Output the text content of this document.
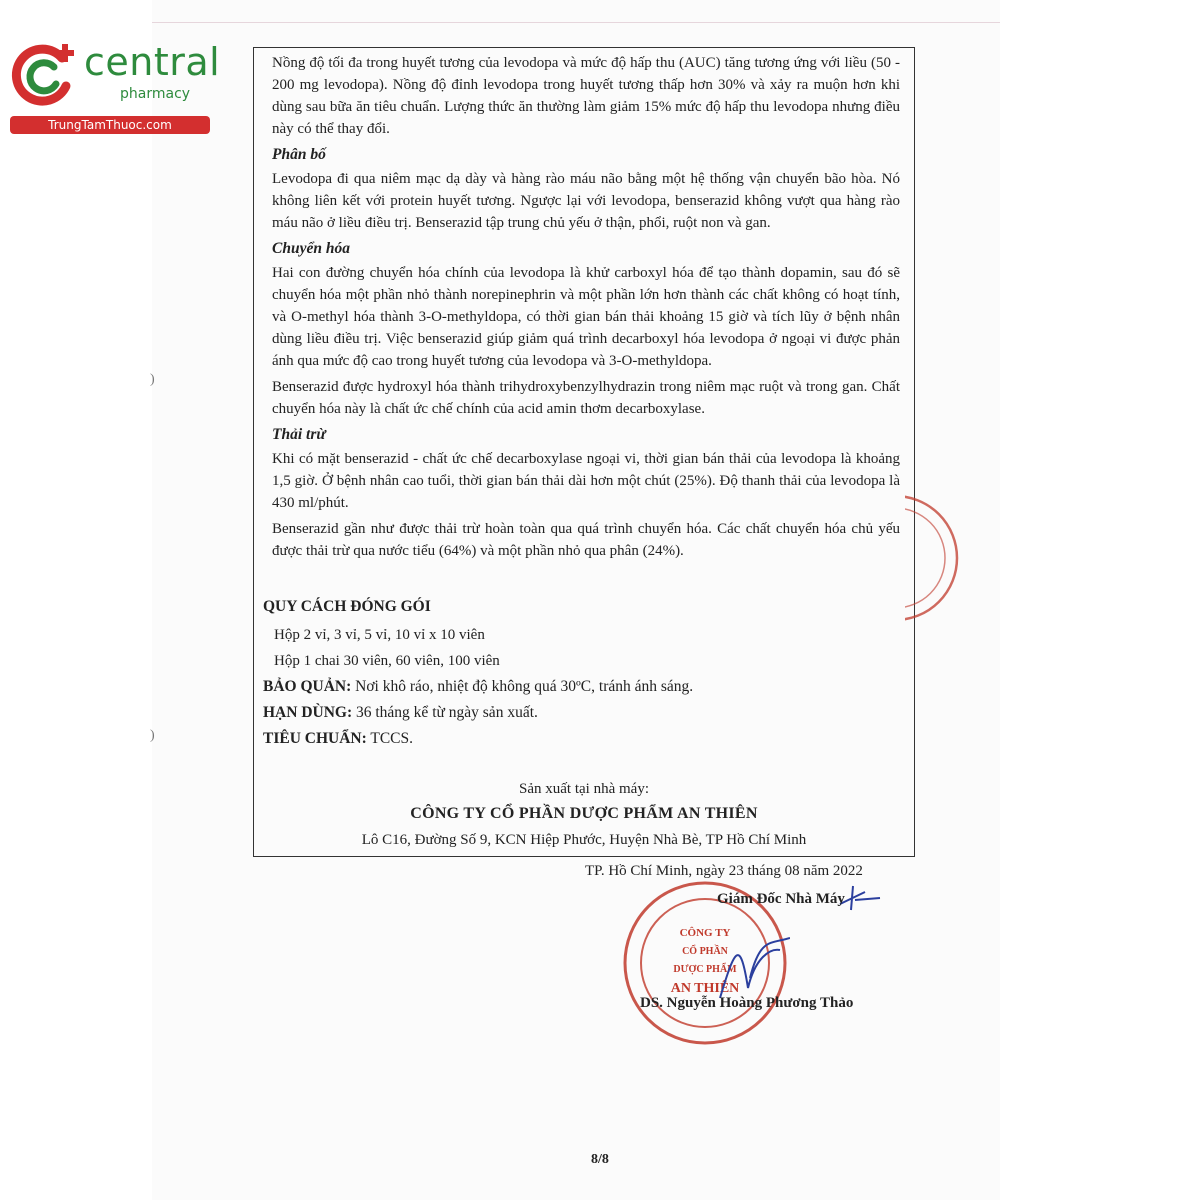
central
pharmacy
TrungTamThuoc.com
)
)

Nồng độ tối đa trong huyết tương của levodopa và mức độ hấp thu (AUC) tăng tương ứng với liều (50 - 200 mg levodopa). Nồng độ đỉnh levodopa trong huyết tương thấp hơn 30% và xảy ra muộn hơn khi dùng sau bữa ăn tiêu chuẩn. Lượng thức ăn thường làm giảm 15% mức độ hấp thu levodopa nhưng điều này có thể thay đổi.

Phân bố

Levodopa đi qua niêm mạc dạ dày và hàng rào máu não bằng một hệ thống vận chuyển bão hòa. Nó không liên kết với protein huyết tương. Ngược lại với levodopa, benserazid không vượt qua hàng rào máu não ở liều điều trị. Benserazid tập trung chủ yếu ở thận, phổi, ruột non và gan.

Chuyển hóa

Hai con đường chuyển hóa chính của levodopa là khử carboxyl hóa để tạo thành dopamin, sau đó sẽ chuyển hóa một phần nhỏ thành norepinephrin và một phần lớn hơn thành các chất không có hoạt tính, và O-methyl hóa thành 3-O-methyldopa, có thời gian bán thải khoảng 15 giờ và tích lũy ở bệnh nhân dùng liều điều trị. Việc benserazid giúp giảm quá trình decarboxyl hóa levodopa ở ngoại vi được phản ánh qua mức độ cao trong huyết tương của levodopa và 3-O-methyldopa.

Benserazid được hydroxyl hóa thành trihydroxybenzylhydrazin trong niêm mạc ruột và trong gan. Chất chuyển hóa này là chất ức chế chính của acid amin thơm decarboxylase.

Thải trừ

Khi có mặt benserazid - chất ức chế decarboxylase ngoại vi, thời gian bán thải của levodopa là khoảng 1,5 giờ. Ở bệnh nhân cao tuổi, thời gian bán thải dài hơn một chút (25%). Độ thanh thải của levodopa là 430 ml/phút.

Benserazid gần như được thải trừ hoàn toàn qua quá trình chuyển hóa. Các chất chuyển hóa chủ yếu được thải trừ qua nước tiểu (64%) và một phần nhỏ qua phân (24%).

QUY CÁCH ĐÓNG GÓI
Hộp 2 vỉ, 3 vỉ, 5 vỉ, 10 vỉ x 10 viên
Hộp 1 chai 30 viên, 60 viên, 100 viên
BẢO QUẢN: Nơi khô ráo, nhiệt độ không quá 30ºC, tránh ánh sáng.
HẠN DÙNG: 36 tháng kể từ ngày sản xuất.
TIÊU CHUẨN: TCCS.
Sản xuất tại nhà máy:
CÔNG TY CỔ PHẦN DƯỢC PHẨM AN THIÊN
Lô C16, Đường Số 9, KCN Hiệp Phước, Huyện Nhà Bè, TP Hồ Chí Minh
TP. Hồ Chí Minh, ngày 23 tháng 08 năm 2022
CÔNG TY
CỔ PHẦN
DƯỢC PHẨM
AN THIÊN
Giám Đốc Nhà Máy
DS. Nguyễn Hoàng Phương Thảo
8/8
